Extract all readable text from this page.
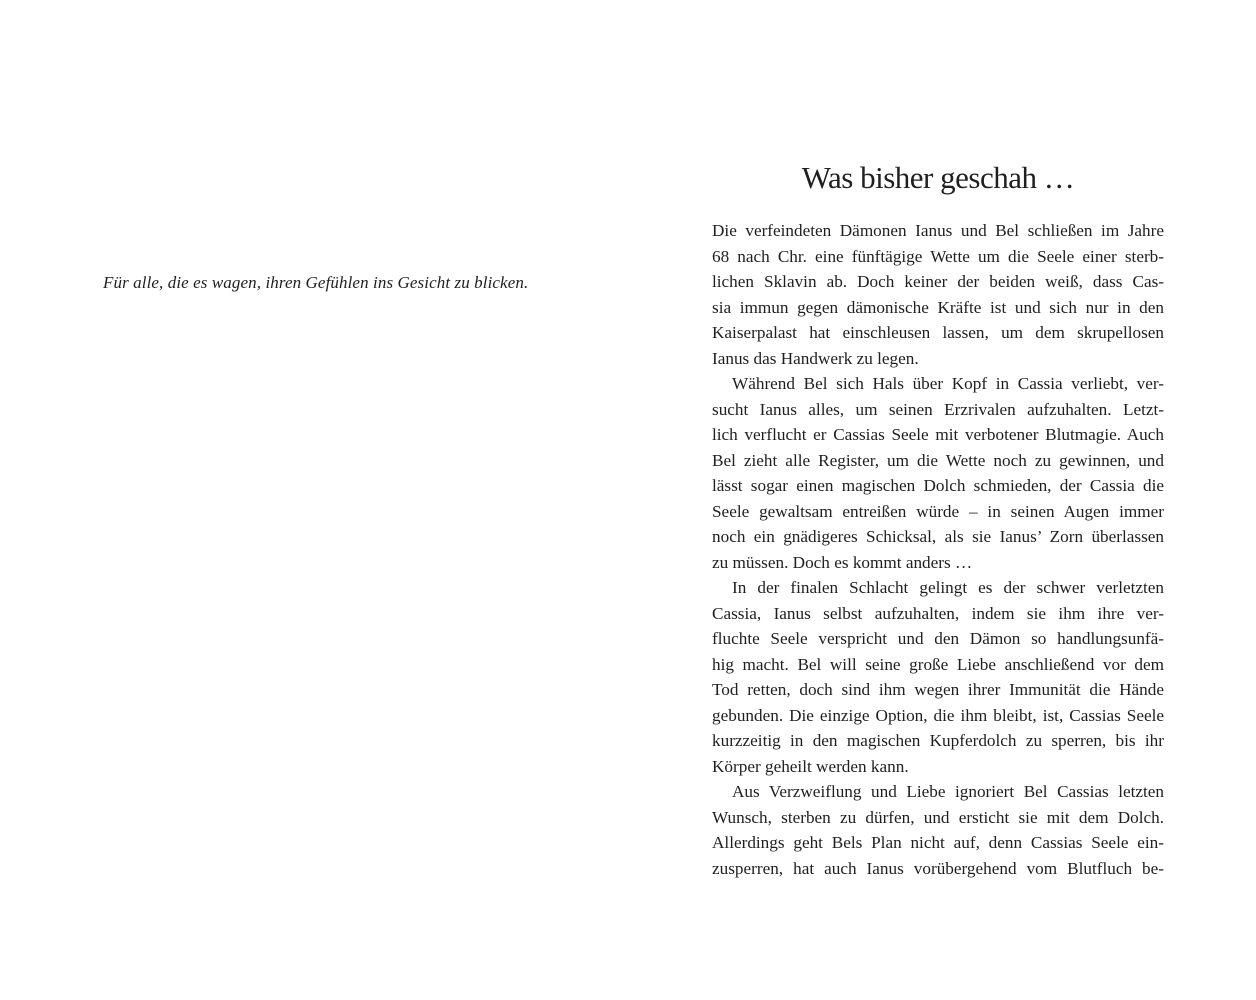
Für alle, die es wagen, ihren Gefühlen ins Gesicht zu blicken.
Was bisher geschah …
Die verfeindeten Dämonen Ianus und Bel schließen im Jahre
68 nach Chr. eine fünftägige Wette um die Seele einer sterb-
lichen Sklavin ab. Doch keiner der beiden weiß, dass Cas-
sia immun gegen dämonische Kräfte ist und sich nur in den
Kaiserpalast hat einschleusen lassen, um dem skrupellosen
Ianus das Handwerk zu legen.
Während Bel sich Hals über Kopf in Cassia verliebt, ver-
sucht Ianus alles, um seinen Erzrivalen aufzuhalten. Letzt-
lich verflucht er Cassias Seele mit verbotener Blutmagie. Auch
Bel zieht alle Register, um die Wette noch zu gewinnen, und
lässt sogar einen magischen Dolch schmieden, der Cassia die
Seele gewaltsam entreißen würde – in seinen Augen immer
noch ein gnädigeres Schicksal, als sie Ianus’ Zorn überlassen
zu müssen. Doch es kommt anders …
In der finalen Schlacht gelingt es der schwer verletzten
Cassia, Ianus selbst aufzuhalten, indem sie ihm ihre ver-
fluchte Seele verspricht und den Dämon so handlungsunfä-
hig macht. Bel will seine große Liebe anschließend vor dem
Tod retten, doch sind ihm wegen ihrer Immunität die Hände
gebunden. Die einzige Option, die ihm bleibt, ist, Cassias Seele
kurzzeitig in den magischen Kupferdolch zu sperren, bis ihr
Körper geheilt werden kann.
Aus Verzweiflung und Liebe ignoriert Bel Cassias letzten
Wunsch, sterben zu dürfen, und ersticht sie mit dem Dolch.
Allerdings geht Bels Plan nicht auf, denn Cassias Seele ein-
zusperren, hat auch Ianus vorübergehend vom Blutfluch be-
